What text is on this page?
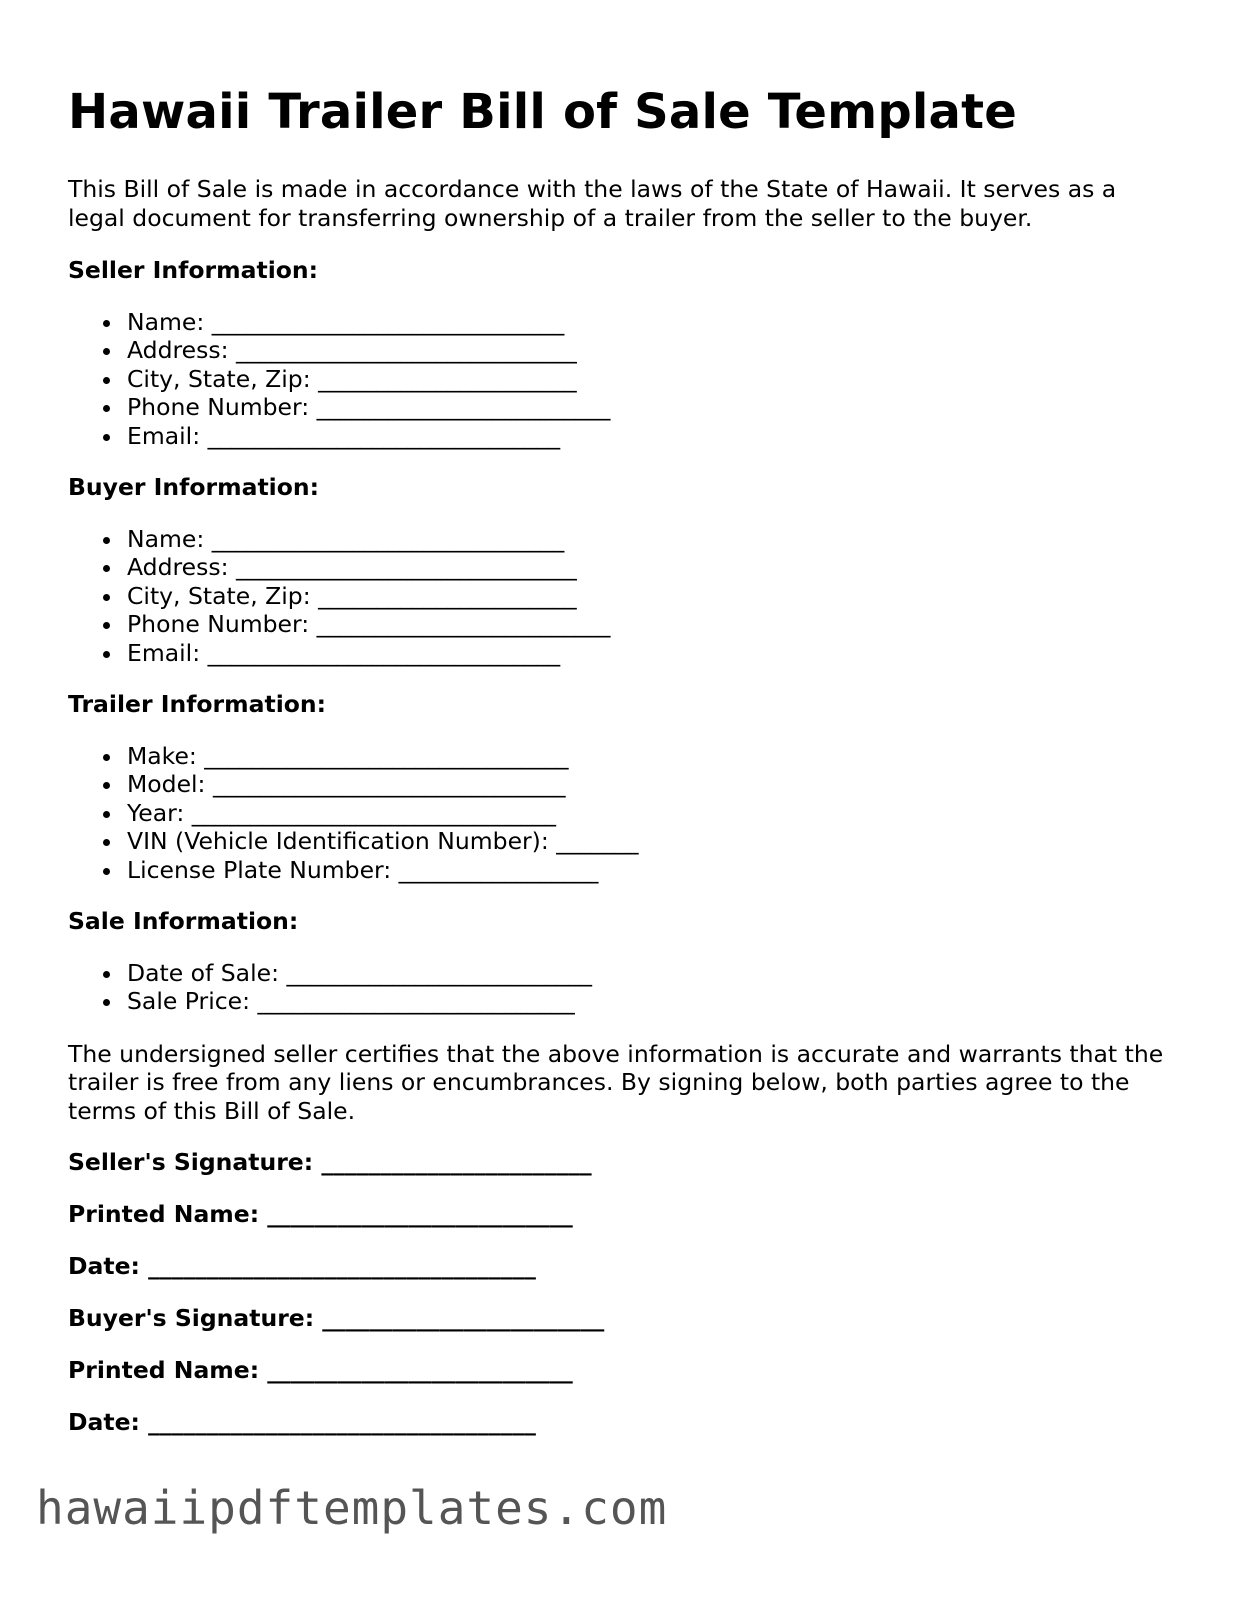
Hawaii Trailer Bill of Sale Template

This Bill of Sale is made in accordance with the laws of the State of Hawaii. It serves as a legal document for transferring ownership of a trailer from the seller to the buyer.

Seller Information:
Name: ______________________________
Address: _____________________________
City, State, Zip: ______________________
Phone Number: _________________________
Email: ______________________________
Buyer Information:
Name: ______________________________
Address: _____________________________
City, State, Zip: ______________________
Phone Number: _________________________
Email: ______________________________
Trailer Information:
Make: _______________________________
Model: ______________________________
Year: _______________________________
VIN (Vehicle Identification Number): _______
License Plate Number: _________________
Sale Information:
Date of Sale: __________________________
Sale Price: ___________________________

The undersigned seller certifies that the above information is accurate and warrants that the trailer is free from any liens or encumbrances. By signing below, both parties agree to the terms of this Bill of Sale.

Seller's Signature: _______________________

Printed Name: __________________________

Date: _________________________________

Buyer's Signature: ________________________

Printed Name: __________________________

Date: _________________________________

hawaiipdftemplates.com
